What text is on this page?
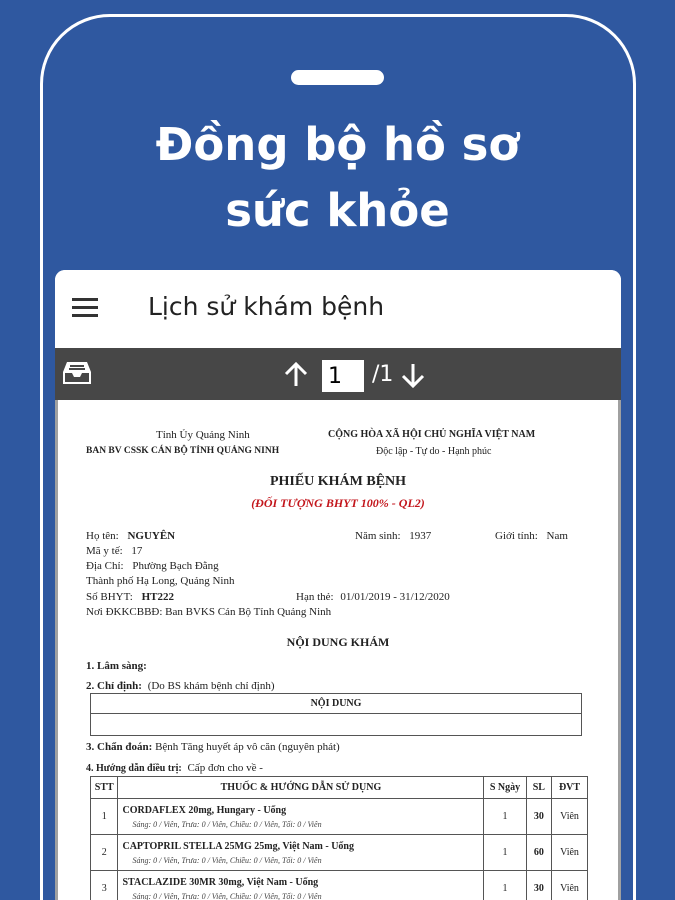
Đồng bộ hồ sơ
sức khỏe
Lịch sử khám bệnh
1
/1
Tỉnh Ủy Quảng Ninh
BAN BV CSSK CÁN BỘ TỈNH QUẢNG NINH
CỘNG HÒA XÃ HỘI CHỦ NGHĨA VIỆT NAM
Độc lập - Tự do - Hạnh phúc
PHIẾU KHÁM BỆNH
(ĐỐI TƯỢNG BHYT 100% - QL2)
Họ tên: NGUYÊN	Năm sinh: 1937	Giới tính: Nam
Mã y tế: 17
Địa Chỉ: Phường Bạch Đằng
Thành phố Hạ Long, Quảng Ninh
Số BHYT: HT222	Hạn thẻ: 01/01/2019 - 31/12/2020
Nơi ĐKKCBBĐ: Ban BVKS Cán Bộ Tỉnh Quảng Ninh
NỘI DUNG KHÁM
1. Lâm sàng:
2. Chỉ định: (Do BS khám bệnh chỉ định)
NỘI DUNG

3. Chẩn đoán: Bệnh Tăng huyết áp vô căn (nguyên phát)
4. Hướng dẫn điều trị: Cấp đơn cho về -
STT	THUỐC & HƯỚNG DẪN SỬ DỤNG	S Ngày	SL	ĐVT
1	CORDAFLEX 20mg, Hungary - Uống
Sáng: 0 / Viên, Trưa: 0 / Viên, Chiều: 0 / Viên, Tối: 0 / Viên	1	30	Viên
2	CAPTOPRIL STELLA 25MG 25mg, Việt Nam - Uống
Sáng: 0 / Viên, Trưa: 0 / Viên, Chiều: 0 / Viên, Tối: 0 / Viên	1	60	Viên
3	STACLAZIDE 30MR 30mg, Việt Nam - Uống
Sáng: 0 / Viên, Trưa: 0 / Viên, Chiều: 0 / Viên, Tối: 0 / Viên	1	30	Viên
